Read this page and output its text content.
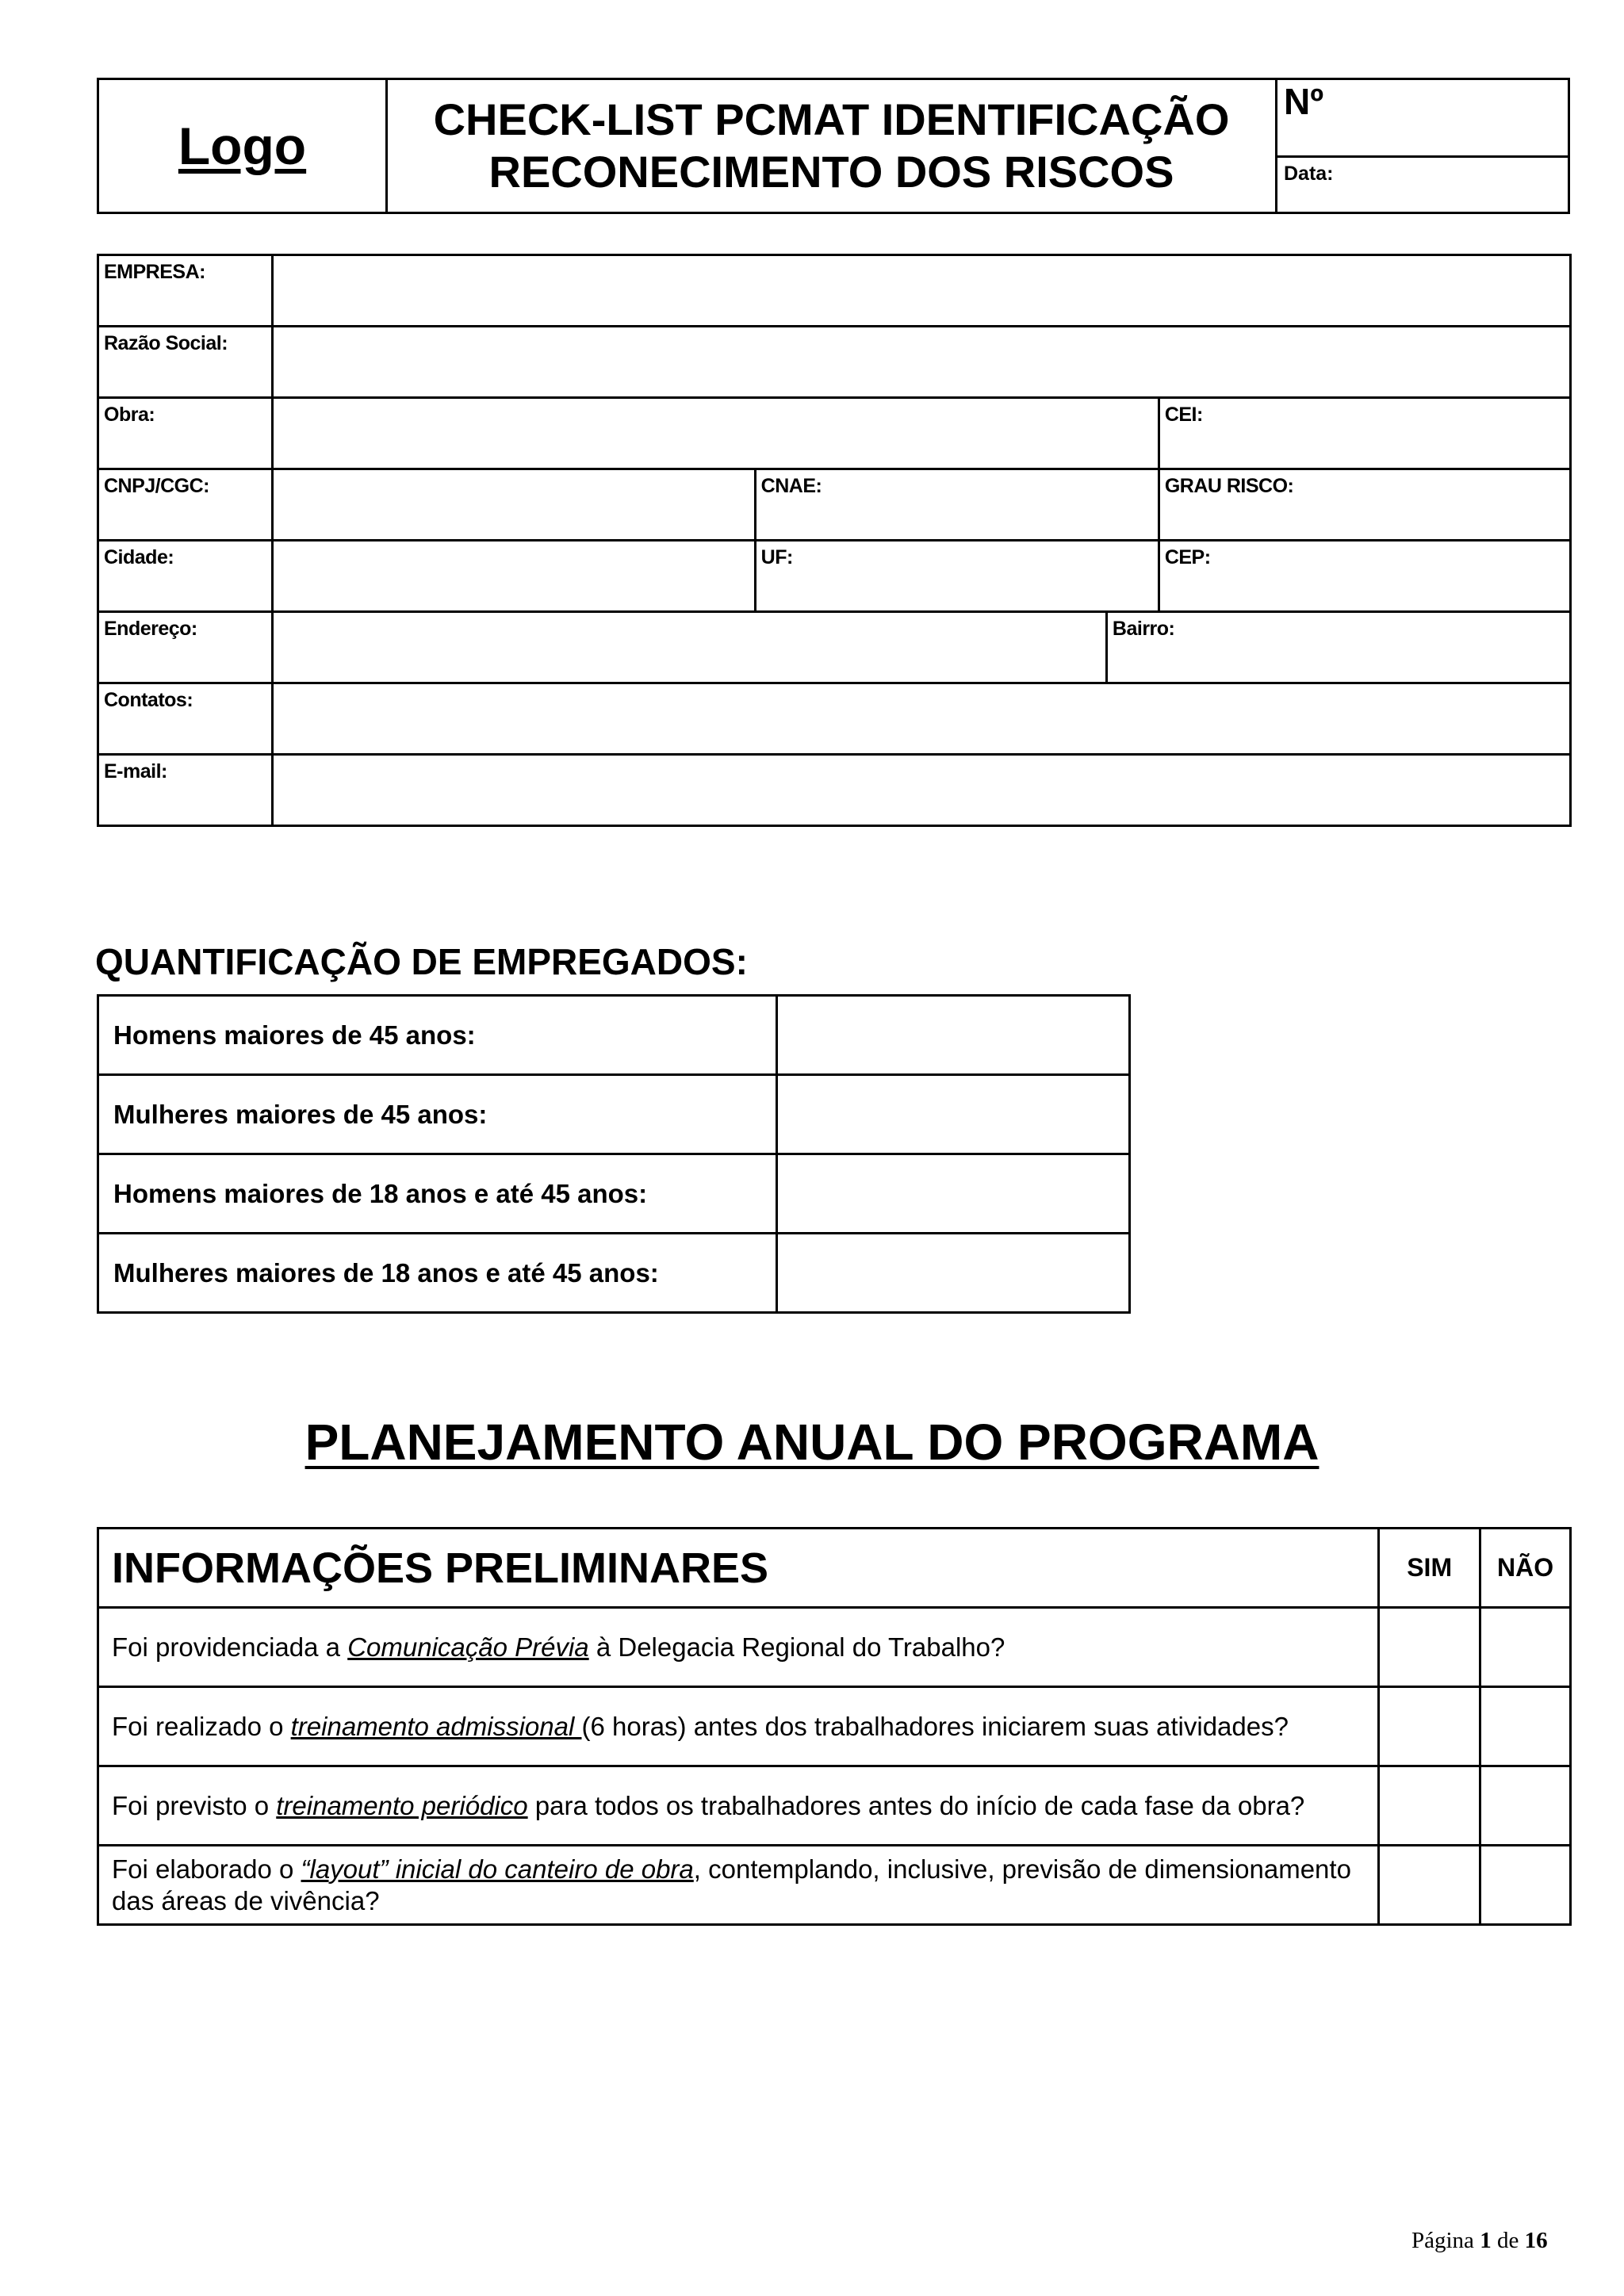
Logo	CHECK-LIST PCMAT IDENTIFICAÇÃO
RECONECIMENTO DOS RISCOS
	Nº
Data:
EMPRESA:				
Razão Social:				
Obra:				CEI:
CNPJ/CGC:		CNAE:		GRAU RISCO:
Cidade:		UF:		CEP:
Endereço:			Bairro:	
Contatos:				
E-mail:				
QUANTIFICAÇÃO DE EMPREGADOS:
Homens maiores de 45 anos:	
Mulheres maiores de 45 anos:	
Homens maiores de 18 anos e até 45 anos:	
Mulheres maiores de 18 anos e até 45 anos:	
PLANEJAMENTO ANUAL DO PROGRAMA
INFORMAÇÕES PRELIMINARES	SIM	NÃO
Foi providenciada a Comunicação Prévia à Delegacia Regional do Trabalho?		
Foi realizado o treinamento admissional (6 horas) antes dos trabalhadores iniciarem suas atividades?		
Foi previsto o treinamento periódico para todos os trabalhadores antes do início de cada fase da obra?		
Foi elaborado o “layout” inicial do canteiro de obra, contemplando, inclusive, previsão de dimensionamento das áreas de vivência?		
Página 1 de 16
